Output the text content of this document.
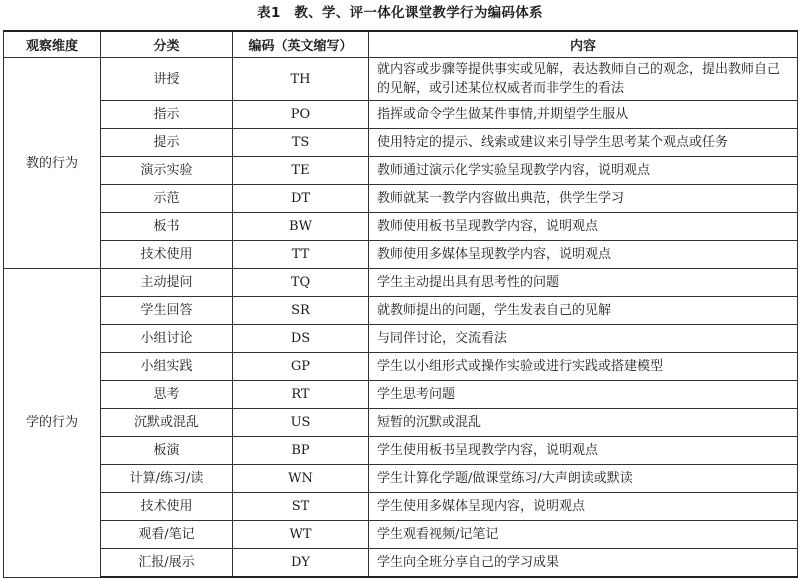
表1　教、学、评一体化课堂教学行为编码体系
观察维度	分类	编码（英文缩写）	内容
教的行为	讲授	TH	就内容或步骤等提供事实或见解，表达教师自己的观念，提出教师自己的见解，或引述某位权威者而非学生的看法
	指示	PO	指挥或命令学生做某件事情,并期望学生服从
	提示	TS	使用特定的提示、线索或建议来引导学生思考某个观点或任务
	演示实验	TE	教师通过演示化学实验呈现教学内容，说明观点
	示范	DT	教师就某一教学内容做出典范，供学生学习
	板书	BW	教师使用板书呈现教学内容，说明观点
	技术使用	TT	教师使用多媒体呈现教学内容，说明观点
学的行为	主动提问	TQ	学生主动提出具有思考性的问题
	学生回答	SR	就教师提出的问题，学生发表自己的见解
	小组讨论	DS	与同伴讨论，交流看法
	小组实践	GP	学生以小组形式或操作实验或进行实践或搭建模型
	思考	RT	学生思考问题
	沉默或混乱	US	短暂的沉默或混乱
	板演	BP	学生使用板书呈现教学内容，说明观点
	计算/练习/读	WN	学生计算化学题/做课堂练习/大声朗读或默读
	技术使用	ST	学生使用多媒体呈现内容，说明观点
	观看/笔记	WT	学生观看视频/记笔记
	汇报/展示	DY	学生向全班分享自己的学习成果
